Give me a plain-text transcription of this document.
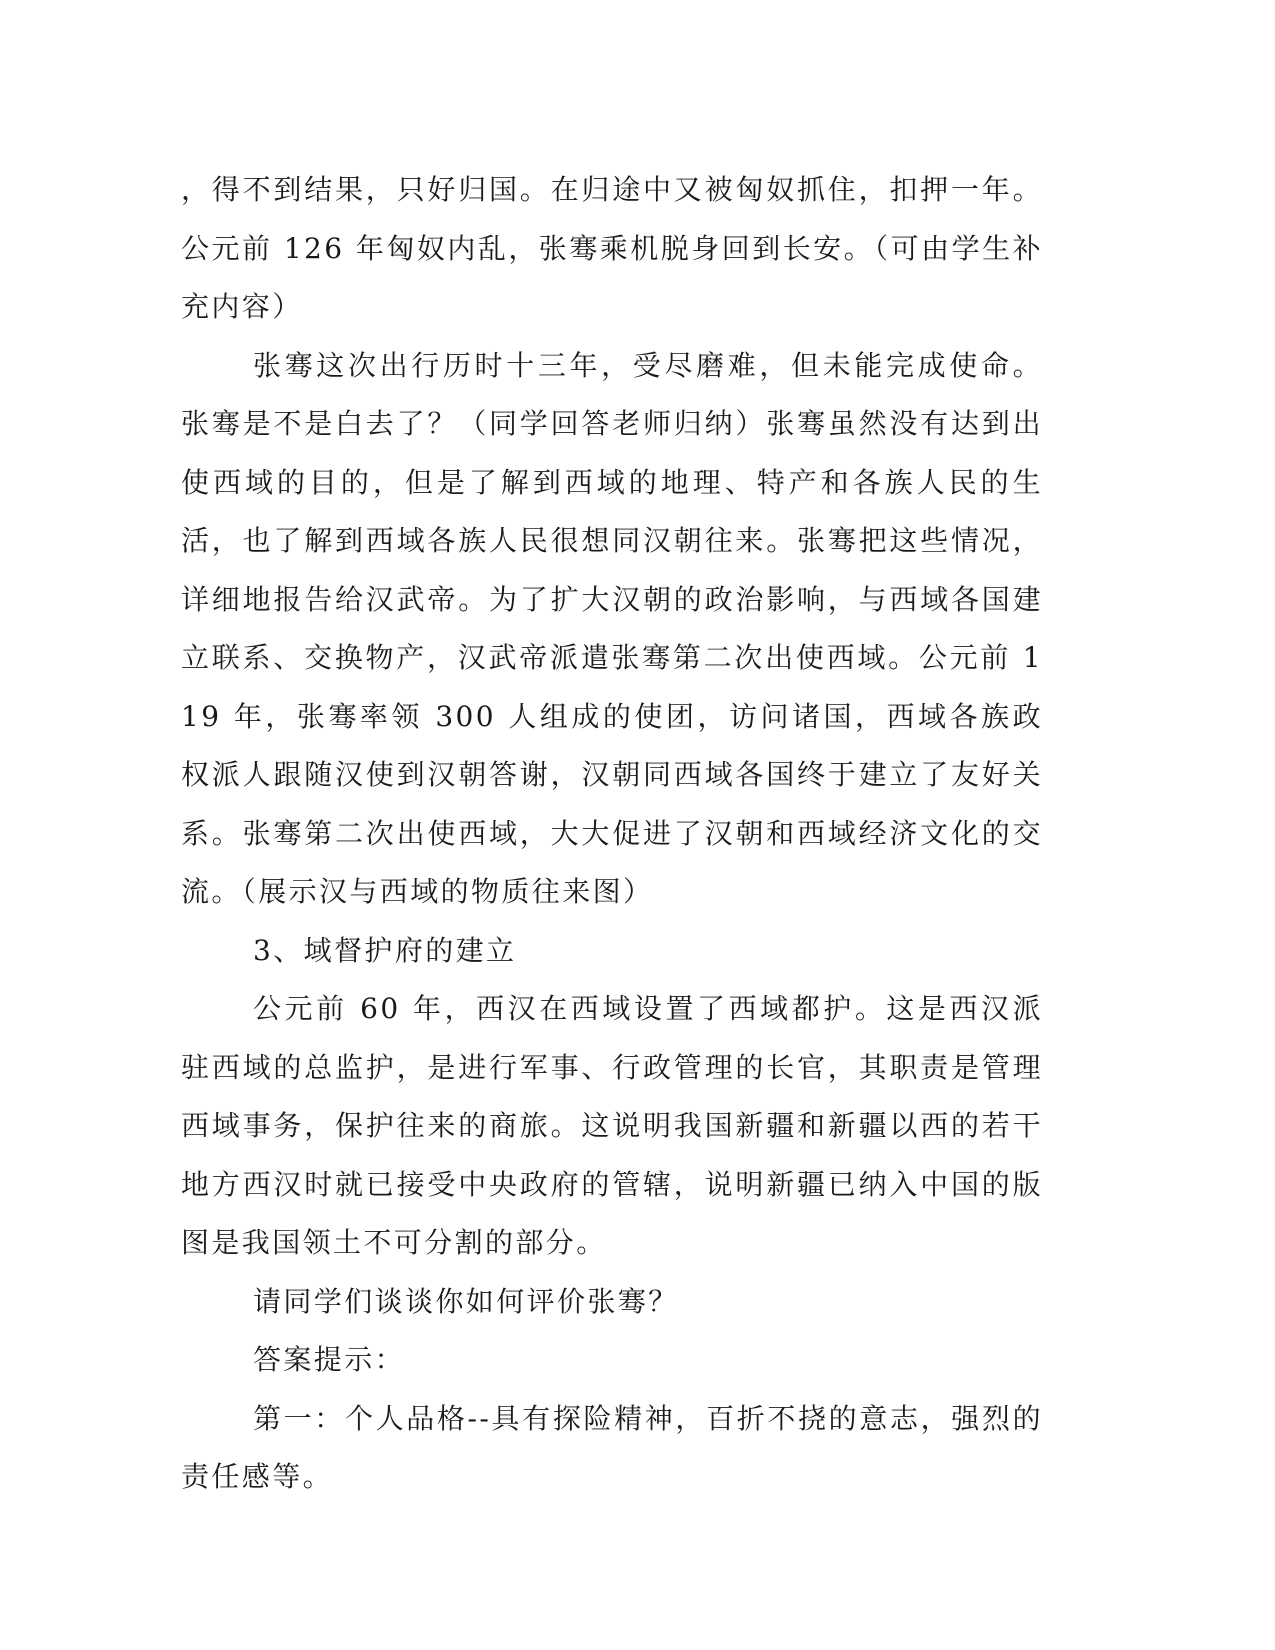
，得不到结果，只好归国。在归途中又被匈奴抓住，扣押一年。公元前 126 年匈奴内乱，张骞乘机脱身回到长安。（可由学生补充内容）

张骞这次出行历时十三年，受尽磨难，但未能完成使命。张骞是不是白去了？（同学回答老师归纳）张骞虽然没有达到出使西域的目的，但是了解到西域的地理、特产和各族人民的生活，也了解到西域各族人民很想同汉朝往来。张骞把这些情况，详细地报告给汉武帝。为了扩大汉朝的政治影响，与西域各国建立联系、交换物产，汉武帝派遣张骞第二次出使西域。公元前 119 年，张骞率领 300 人组成的使团，访问诸国，西域各族政权派人跟随汉使到汉朝答谢，汉朝同西域各国终于建立了友好关系。张骞第二次出使西域，大大促进了汉朝和西域经济文化的交流。（展示汉与西域的物质往来图）

3、域督护府的建立

公元前 60 年，西汉在西域设置了西域都护。这是西汉派驻西域的总监护，是进行军事、行政管理的长官，其职责是管理西域事务，保护往来的商旅。这说明我国新疆和新疆以西的若干地方西汉时就已接受中央政府的管辖，说明新疆已纳入中国的版图是我国领土不可分割的部分。

请同学们谈谈你如何评价张骞？

答案提示：

第一：个人品格--具有探险精神，百折不挠的意志，强烈的责任感等。
